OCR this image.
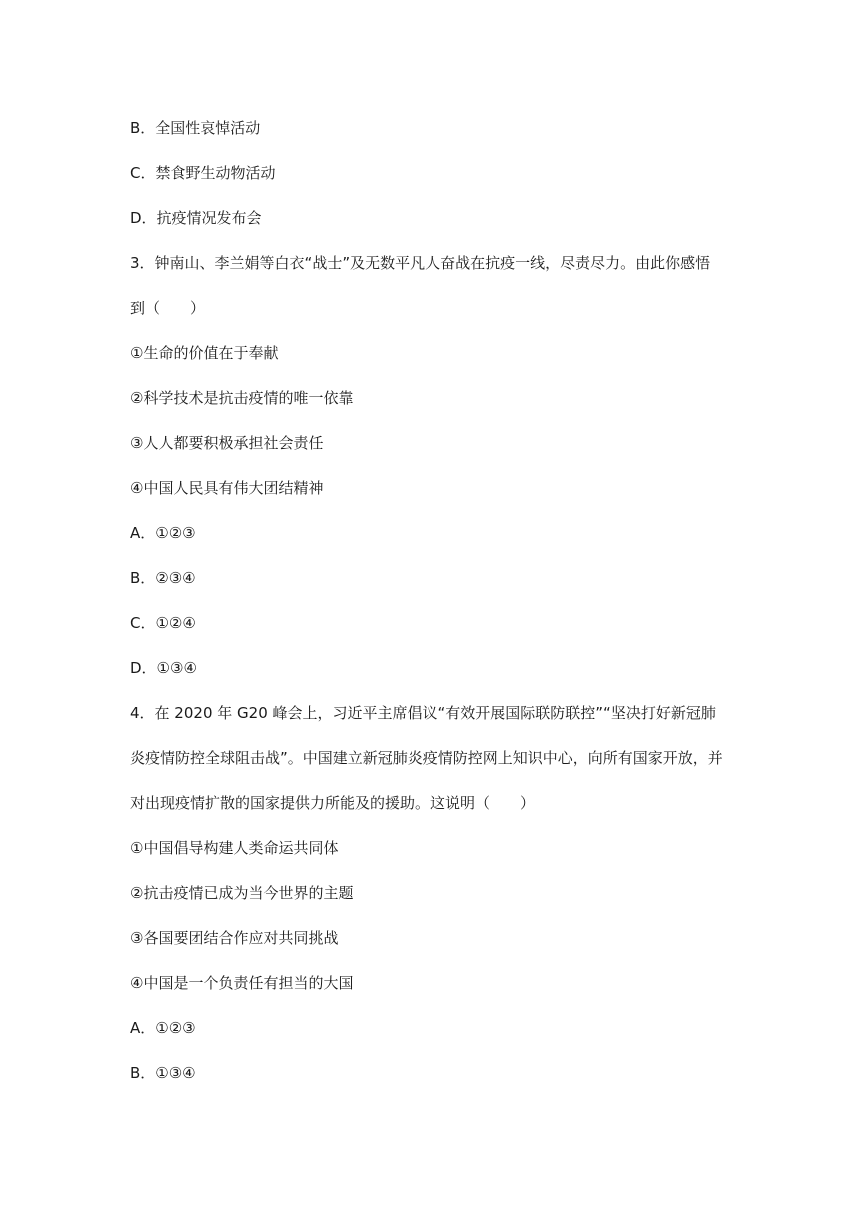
B．全国性哀悼活动
C．禁食野生动物活动
D．抗疫情况发布会
3．钟南山、李兰娟等白衣“战士”及无数平凡人奋战在抗疫一线，尽责尽力。由此你感悟
到（　　）
①生命的价值在于奉献
②科学技术是抗击疫情的唯一依靠
③人人都要积极承担社会责任
④中国人民具有伟大团结精神
A．①②③
B．②③④
C．①②④
D．①③④
4．在 2020 年 G20 峰会上，习近平主席倡议“有效开展国际联防联控”“坚决打好新冠肺
炎疫情防控全球阻击战”。中国建立新冠肺炎疫情防控网上知识中心，向所有国家开放，并
对出现疫情扩散的国家提供力所能及的援助。这说明（　　）
①中国倡导构建人类命运共同体
②抗击疫情已成为当今世界的主题
③各国要团结合作应对共同挑战
④中国是一个负责任有担当的大国
A．①②③
B．①③④
